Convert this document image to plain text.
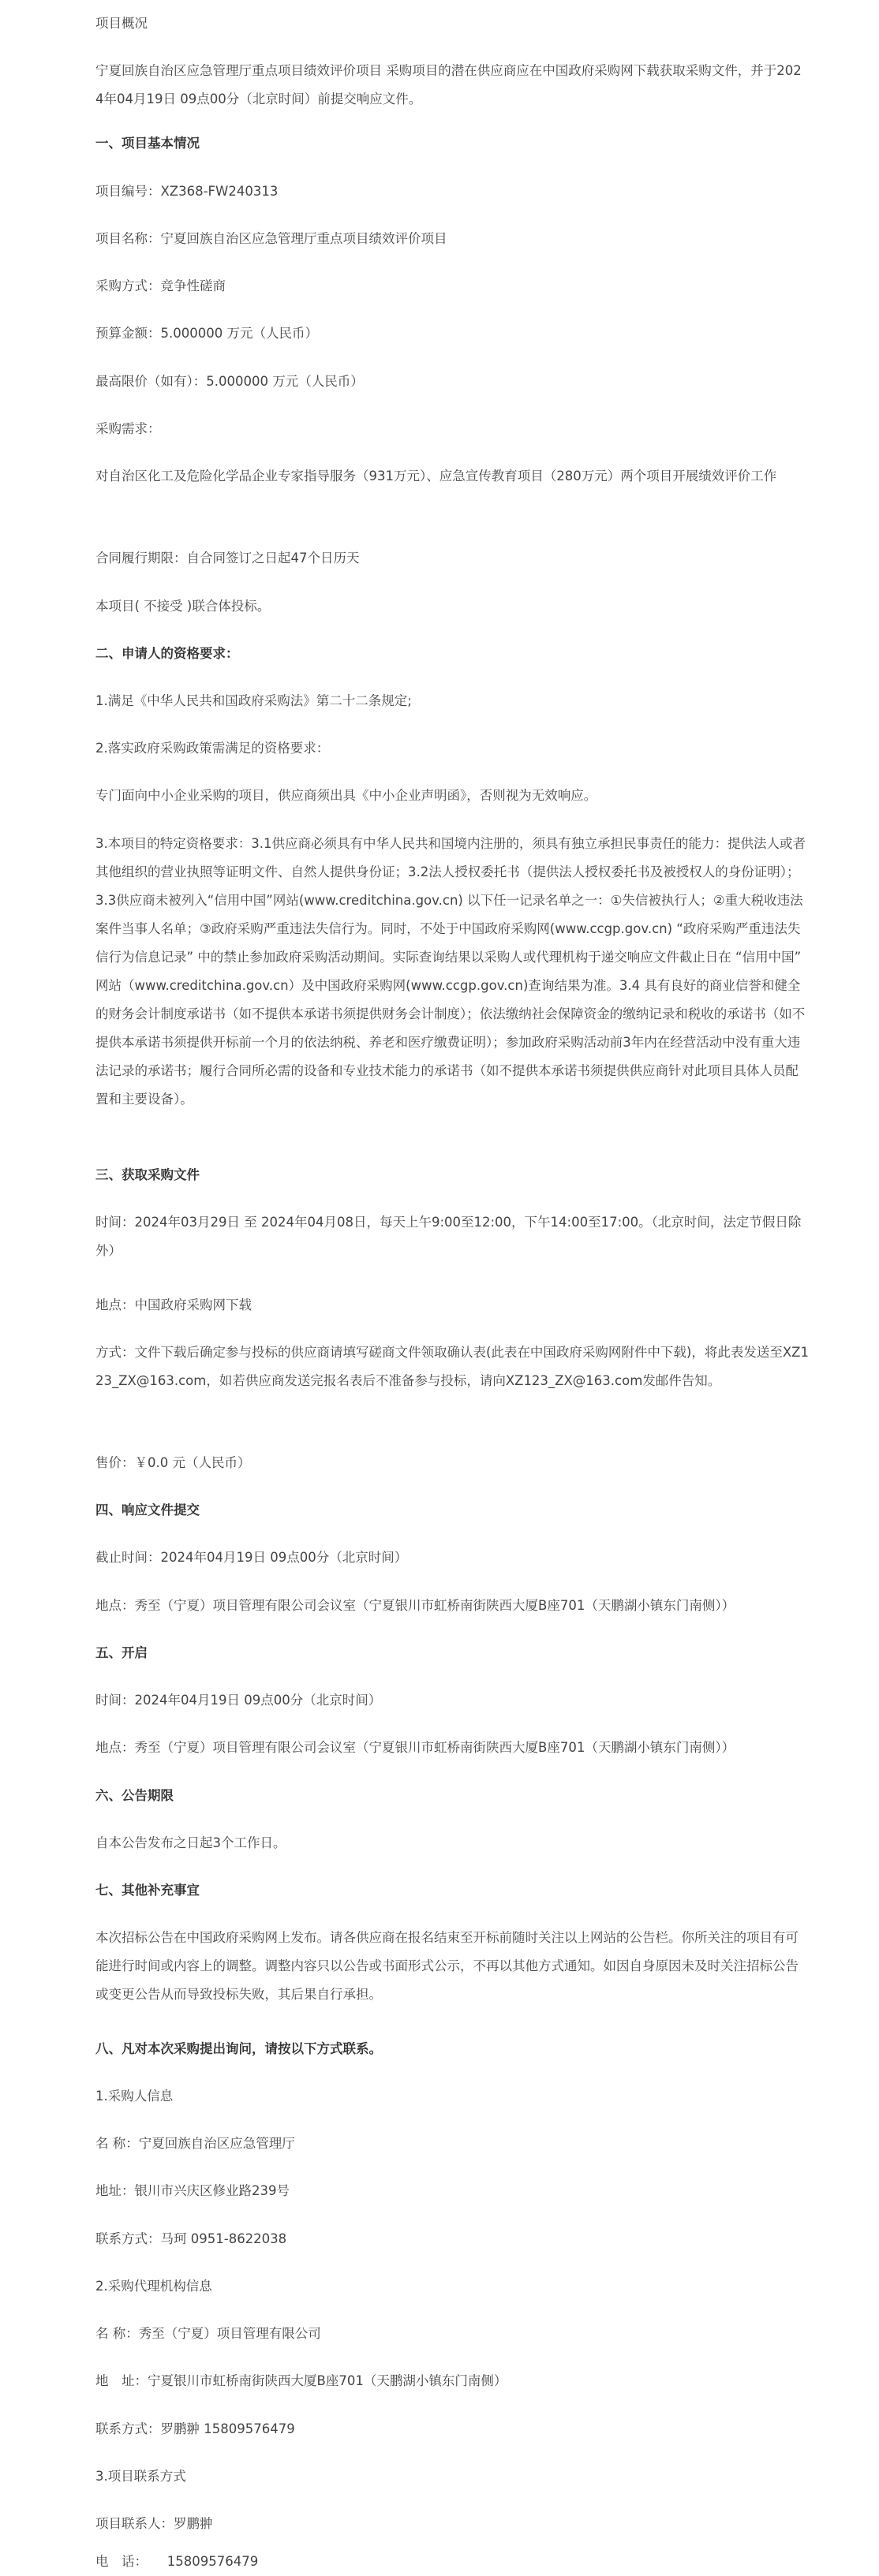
项目概况
宁夏回族自治区应急管理厅重点项目绩效评价项目 采购项目的潜在供应商应在中国政府采购网下载获取采购文件，并于2024年04月19日 09点00分（北京时间）前提交响应文件。
一、项目基本情况
项目编号：XZ368-FW240313
项目名称：宁夏回族自治区应急管理厅重点项目绩效评价项目
采购方式：竞争性磋商
预算金额：5.000000 万元（人民币）
最高限价（如有）：5.000000 万元（人民币）
采购需求：
对自治区化工及危险化学品企业专家指导服务（931万元）、应急宣传教育项目（280万元）两个项目开展绩效评价工作
合同履行期限：自合同签订之日起47个日历天
本项目( 不接受 )联合体投标。
二、申请人的资格要求：
1.满足《中华人民共和国政府采购法》第二十二条规定;
2.落实政府采购政策需满足的资格要求：
专门面向中小企业采购的项目，供应商须出具《中小企业声明函》，否则视为无效响应。
3.本项目的特定资格要求：3.1供应商必须具有中华人民共和国境内注册的，须具有独立承担民事责任的能力：提供法人或者其他组织的营业执照等证明文件、自然人提供身份证；3.2法人授权委托书（提供法人授权委托书及被授权人的身份证明）；3.3供应商未被列入“信用中国”网站(www.creditchina.gov.cn) 以下任一记录名单之一：①失信被执行人；②重大税收违法案件当事人名单；③政府采购严重违法失信行为。同时，不处于中国政府采购网(www.ccgp.gov.cn) “政府采购严重违法失信行为信息记录” 中的禁止参加政府采购活动期间。实际查询结果以采购人或代理机构于递交响应文件截止日在 “信用中国” 网站（www.creditchina.gov.cn）及中国政府采购网(www.ccgp.gov.cn)查询结果为准。3.4 具有良好的商业信誉和健全的财务会计制度承诺书（如不提供本承诺书须提供财务会计制度）；依法缴纳社会保障资金的缴纳记录和税收的承诺书（如不提供本承诺书须提供开标前一个月的依法纳税、养老和医疗缴费证明）；参加政府采购活动前3年内在经营活动中没有重大违法记录的承诺书；履行合同所必需的设备和专业技术能力的承诺书（如不提供本承诺书须提供供应商针对此项目具体人员配置和主要设备）。
三、获取采购文件
时间：2024年03月29日 至 2024年04月08日，每天上午9:00至12:00，下午14:00至17:00。（北京时间，法定节假日除外）
地点：中国政府采购网下载
方式：文件下载后确定参与投标的供应商请填写磋商文件领取确认表(此表在中国政府采购网附件中下载)，将此表发送至XZ123_ZX@163.com，如若供应商发送完报名表后不准备参与投标，请向XZ123_ZX@163.com发邮件告知。
售价：￥0.0 元（人民币）
四、响应文件提交
截止时间：2024年04月19日 09点00分（北京时间）
地点：秀至（宁夏）项目管理有限公司会议室（宁夏银川市虹桥南街陕西大厦B座701（天鹏湖小镇东门南侧））
五、开启
时间：2024年04月19日 09点00分（北京时间）
地点：秀至（宁夏）项目管理有限公司会议室（宁夏银川市虹桥南街陕西大厦B座701（天鹏湖小镇东门南侧））
六、公告期限
自本公告发布之日起3个工作日。
七、其他补充事宜
本次招标公告在中国政府采购网上发布。请各供应商在报名结束至开标前随时关注以上网站的公告栏。你所关注的项目有可能进行时间或内容上的调整。调整内容只以公告或书面形式公示，不再以其他方式通知。如因自身原因未及时关注招标公告或变更公告从而导致投标失败，其后果自行承担。
八、凡对本次采购提出询问，请按以下方式联系。
1.采购人信息
名 称：宁夏回族自治区应急管理厅
地址：银川市兴庆区修业路239号
联系方式：马珂 0951-8622038
2.采购代理机构信息
名 称：秀至（宁夏）项目管理有限公司
地　址：宁夏银川市虹桥南街陕西大厦B座701（天鹏湖小镇东门南侧）
联系方式：罗鹏翀 15809576479
3.项目联系方式
项目联系人：罗鹏翀
电　话：　　15809576479
